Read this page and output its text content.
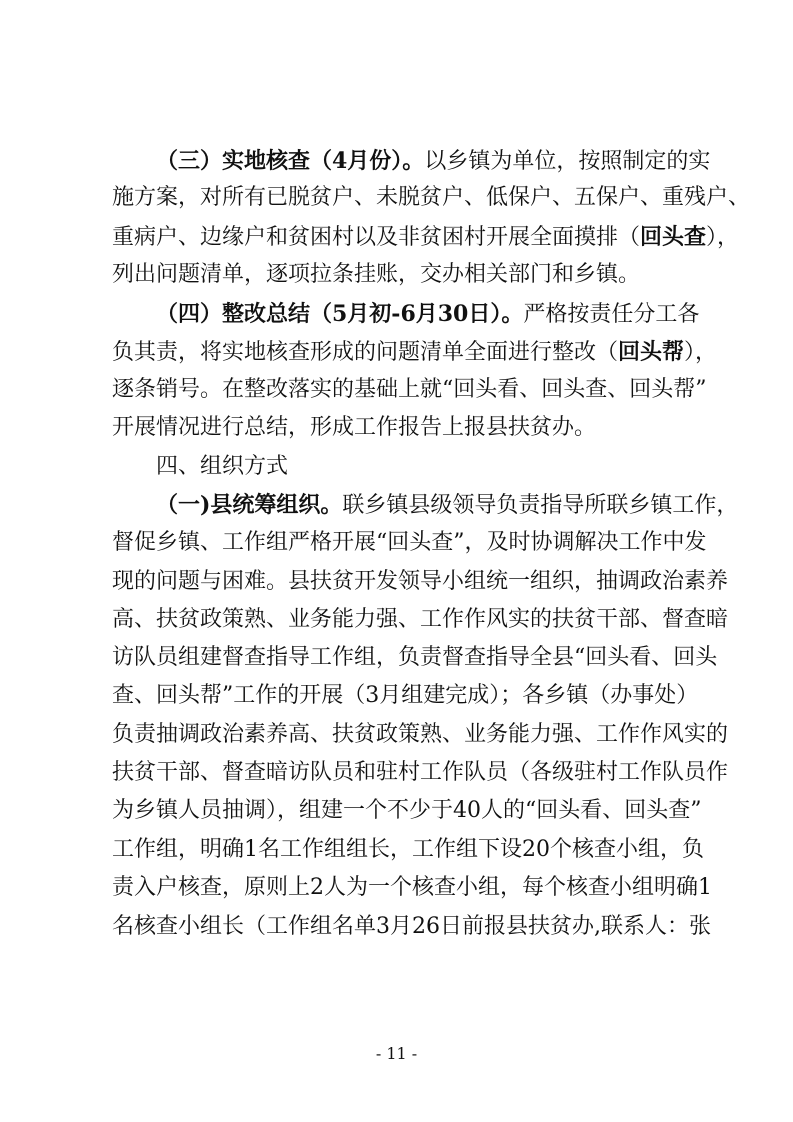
（三）实地核查（4月份）。以乡镇为单位，按照制定的实
施方案，对所有已脱贫户、未脱贫户、低保户、五保户、重残户、
重病户、边缘户和贫困村以及非贫困村开展全面摸排（回头查），
列出问题清单，逐项拉条挂账，交办相关部门和乡镇。
（四）整改总结（5月初-6月30日）。严格按责任分工各
负其责，将实地核查形成的问题清单全面进行整改（回头帮），
逐条销号。在整改落实的基础上就“回头看、回头查、回头帮”
开展情况进行总结，形成工作报告上报县扶贫办。
四、组织方式
（一)县统筹组织。联乡镇县级领导负责指导所联乡镇工作，
督促乡镇、工作组严格开展“回头查”，及时协调解决工作中发
现的问题与困难。县扶贫开发领导小组统一组织，抽调政治素养
高、扶贫政策熟、业务能力强、工作作风实的扶贫干部、督查暗
访队员组建督查指导工作组，负责督查指导全县“回头看、回头
查、回头帮”工作的开展（3月组建完成）；各乡镇（办事处）
负责抽调政治素养高、扶贫政策熟、业务能力强、工作作风实的
扶贫干部、督查暗访队员和驻村工作队员（各级驻村工作队员作
为乡镇人员抽调），组建一个不少于40人的“回头看、回头查”
工作组，明确1名工作组组长，工作组下设20个核查小组，负
责入户核查，原则上2人为一个核查小组，每个核查小组明确1
名核查小组长（工作组名单3月26日前报县扶贫办,联系人：张
- 11 -
